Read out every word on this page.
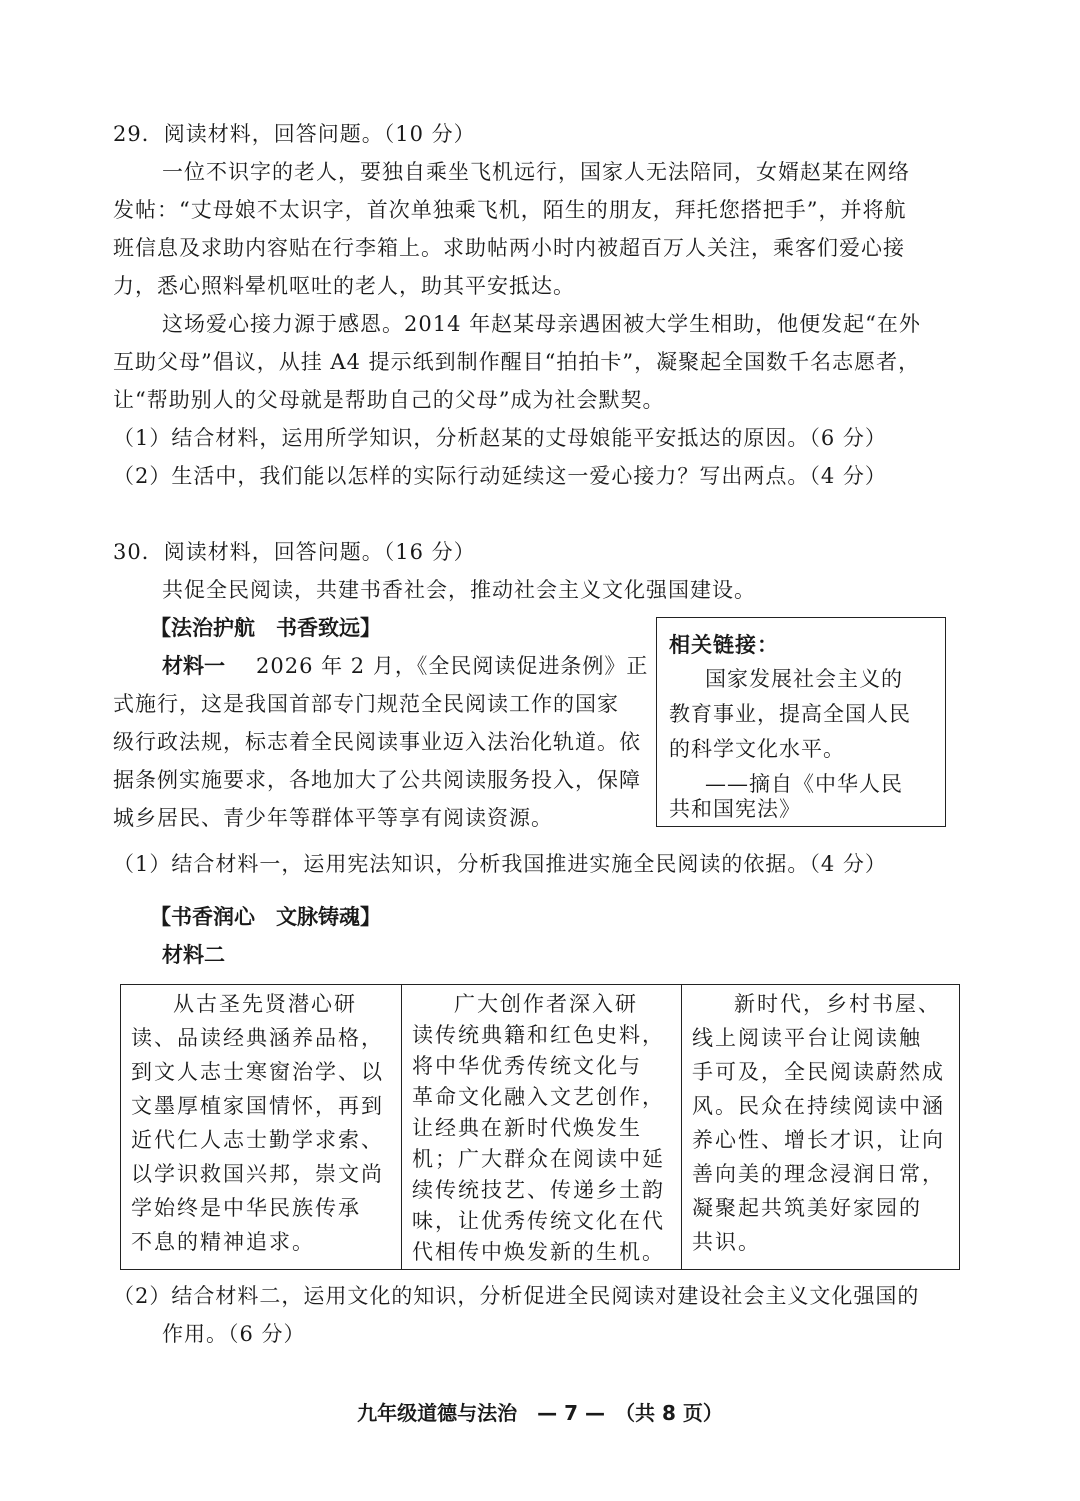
29．阅读材料，回答问题。（10 分）
一位不识字的老人，要独自乘坐飞机远行，国家人无法陪同，女婿赵某在网络
发帖：“丈母娘不太识字，首次单独乘飞机，陌生的朋友，拜托您搭把手”，并将航
班信息及求助内容贴在行李箱上。求助帖两小时内被超百万人关注，乘客们爱心接
力，悉心照料晕机呕吐的老人，助其平安抵达。
这场爱心接力源于感恩。2014 年赵某母亲遇困被大学生相助，他便发起“在外
互助父母”倡议，从挂 A4 提示纸到制作醒目“拍拍卡”，凝聚起全国数千名志愿者，
让“帮助别人的父母就是帮助自己的父母”成为社会默契。
（1）结合材料，运用所学知识，分析赵某的丈母娘能平安抵达的原因。（6 分）
（2）生活中，我们能以怎样的实际行动延续这一爱心接力？写出两点。（4 分）
30．阅读材料，回答问题。（16 分）
共促全民阅读，共建书香社会，推动社会主义文化强国建设。
【法治护航　书香致远】
材料一 2026 年 2 月，《全民阅读促进条例》正
式施行，这是我国首部专门规范全民阅读工作的国家
级行政法规，标志着全民阅读事业迈入法治化轨道。依
据条例实施要求，各地加大了公共阅读服务投入，保障
城乡居民、青少年等群体平等享有阅读资源。
相关链接：
国家发展社会主义的
教育事业，提高全国人民
的科学文化水平。
——摘自《中华人民
共和国宪法》
（1）结合材料一，运用宪法知识，分析我国推进实施全民阅读的依据。（4 分）
【书香润心　文脉铸魂】
材料二
从古圣先贤潜心研
读、品读经典涵养品格，
到文人志士寒窗治学、以
文墨厚植家国情怀，再到
近代仁人志士勤学求索、
以学识救国兴邦，崇文尚
学始终是中华民族传承
不息的精神追求。
广大创作者深入研
读传统典籍和红色史料，
将中华优秀传统文化与
革命文化融入文艺创作，
让经典在新时代焕发生
机；广大群众在阅读中延
续传统技艺、传递乡土韵
味，让优秀传统文化在代
代相传中焕发新的生机。
新时代，乡村书屋、
线上阅读平台让阅读触
手可及，全民阅读蔚然成
风。民众在持续阅读中涵
养心性、增长才识，让向
善向美的理念浸润日常，
凝聚起共筑美好家园的
共识。
（2）结合材料二，运用文化的知识，分析促进全民阅读对建设社会主义文化强国的
作用。（6 分）
九年级道德与法治　— 7 —　（共 8 页）
